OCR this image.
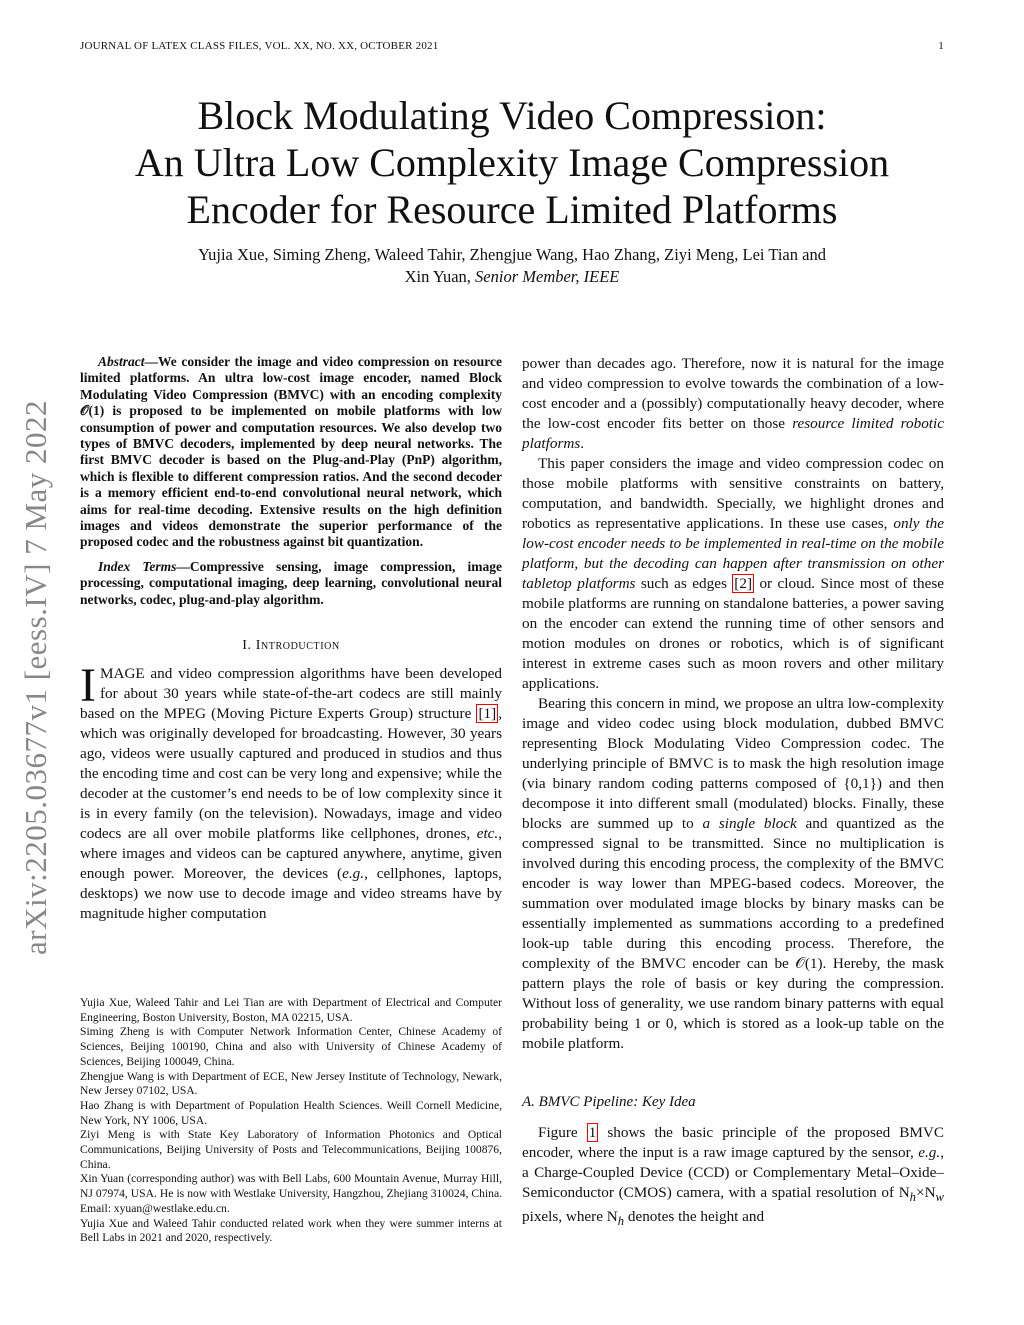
JOURNAL OF LATEX CLASS FILES, VOL. XX, NO. XX, OCTOBER 2021	1
arXiv:2205.03677v1 [eess.IV] 7 May 2022
Block Modulating Video Compression:
An Ultra Low Complexity Image Compression
Encoder for Resource Limited Platforms
Yujia Xue, Siming Zheng, Waleed Tahir, Zhengjue Wang, Hao Zhang, Ziyi Meng, Lei Tian and
Xin Yuan, Senior Member, IEEE

Abstract—We consider the image and video compression on resource limited platforms. An ultra low-cost image encoder, named Block Modulating Video Compression (BMVC) with an encoding complexity 𝒪(1) is proposed to be implemented on mobile platforms with low consumption of power and computation resources. We also develop two types of BMVC decoders, implemented by deep neural networks. The first BMVC decoder is based on the Plug-and-Play (PnP) algorithm, which is flexible to different compression ratios. And the second decoder is a memory efficient end-to-end convolutional neural network, which aims for real-time decoding. Extensive results on the high definition images and videos demonstrate the superior performance of the proposed codec and the robustness against bit quantization.

Index Terms—Compressive sensing, image compression, image processing, computational imaging, deep learning, convolutional neural networks, codec, plug-and-play algorithm.

I. Introduction

IMAGE and video compression algorithms have been developed for about 30 years while state-of-the-art codecs are still mainly based on the MPEG (Moving Picture Experts Group) structure [1] , which was originally developed for broadcasting. However, 30 years ago, videos were usually captured and produced in studios and thus the encoding time and cost can be very long and expensive; while the decoder at the customer’s end needs to be of low complexity since it is in every family (on the television). Nowadays, image and video codecs are all over mobile platforms like cellphones, drones, etc., where images and videos can be captured anywhere, anytime, given enough power. Moreover, the devices (e.g., cellphones, laptops, desktops) we now use to decode image and video streams have by magnitude higher computation

Yujia Xue, Waleed Tahir and Lei Tian are with Department of Electrical and Computer Engineering, Boston University, Boston, MA 02215, USA.

Siming Zheng is with Computer Network Information Center, Chinese Academy of Sciences, Beijing 100190, China and also with University of Chinese Academy of Sciences, Beijing 100049, China.

Zhengjue Wang is with Department of ECE, New Jersey Institute of Technology, Newark, New Jersey 07102, USA.

Hao Zhang is with Department of Population Health Sciences. Weill Cornell Medicine, New York, NY 1006, USA.

Ziyi Meng is with State Key Laboratory of Information Photonics and Optical Communications, Beijing University of Posts and Telecommunications, Beijing 100876, China.

Xin Yuan (corresponding author) was with Bell Labs, 600 Mountain Avenue, Murray Hill, NJ 07974, USA. He is now with Westlake University, Hangzhou, Zhejiang 310024, China. Email: xyuan@westlake.edu.cn.

Yujia Xue and Waleed Tahir conducted related work when they were summer interns at Bell Labs in 2021 and 2020, respectively.

power than decades ago. Therefore, now it is natural for the image and video compression to evolve towards the combination of a low-cost encoder and a (possibly) computationally heavy decoder, where the low-cost encoder fits better on those resource limited robotic platforms.

This paper considers the image and video compression codec on those mobile platforms with sensitive constraints on battery, computation, and bandwidth. Specially, we highlight drones and robotics as representative applications. In these use cases, only the low-cost encoder needs to be implemented in real-time on the mobile platform, but the decoding can happen after transmission on other tabletop platforms such as edges [2] or cloud. Since most of these mobile platforms are running on standalone batteries, a power saving on the encoder can extend the running time of other sensors and motion modules on drones or robotics, which is of significant interest in extreme cases such as moon rovers and other military applications.

Bearing this concern in mind, we propose an ultra low-complexity image and video codec using block modulation, dubbed BMVC representing Block Modulating Video Compression codec. The underlying principle of BMVC is to mask the high resolution image (via binary random coding patterns composed of {0,1}) and then decompose it into different small (modulated) blocks. Finally, these blocks are summed up to a single block and quantized as the compressed signal to be transmitted. Since no multiplication is involved during this encoding process, the complexity of the BMVC encoder is way lower than MPEG-based codecs. Moreover, the summation over modulated image blocks by binary masks can be essentially implemented as summations according to a predefined look-up table during this encoding process. Therefore, the complexity of the BMVC encoder can be 𝒪(1). Hereby, the mask pattern plays the role of basis or key during the compression. Without loss of generality, we use random binary patterns with equal probability being 1 or 0, which is stored as a look-up table on the mobile platform.

A. BMVC Pipeline: Key Idea

Figure 1 shows the basic principle of the proposed BMVC encoder, where the input is a raw image captured by the sensor, e.g., a Charge-Coupled Device (CCD) or Complementary Metal–Oxide–Semiconductor (CMOS) camera, with a spatial resolution of $N_h\times N_w$ pixels, where $N_h$ denotes the height and
